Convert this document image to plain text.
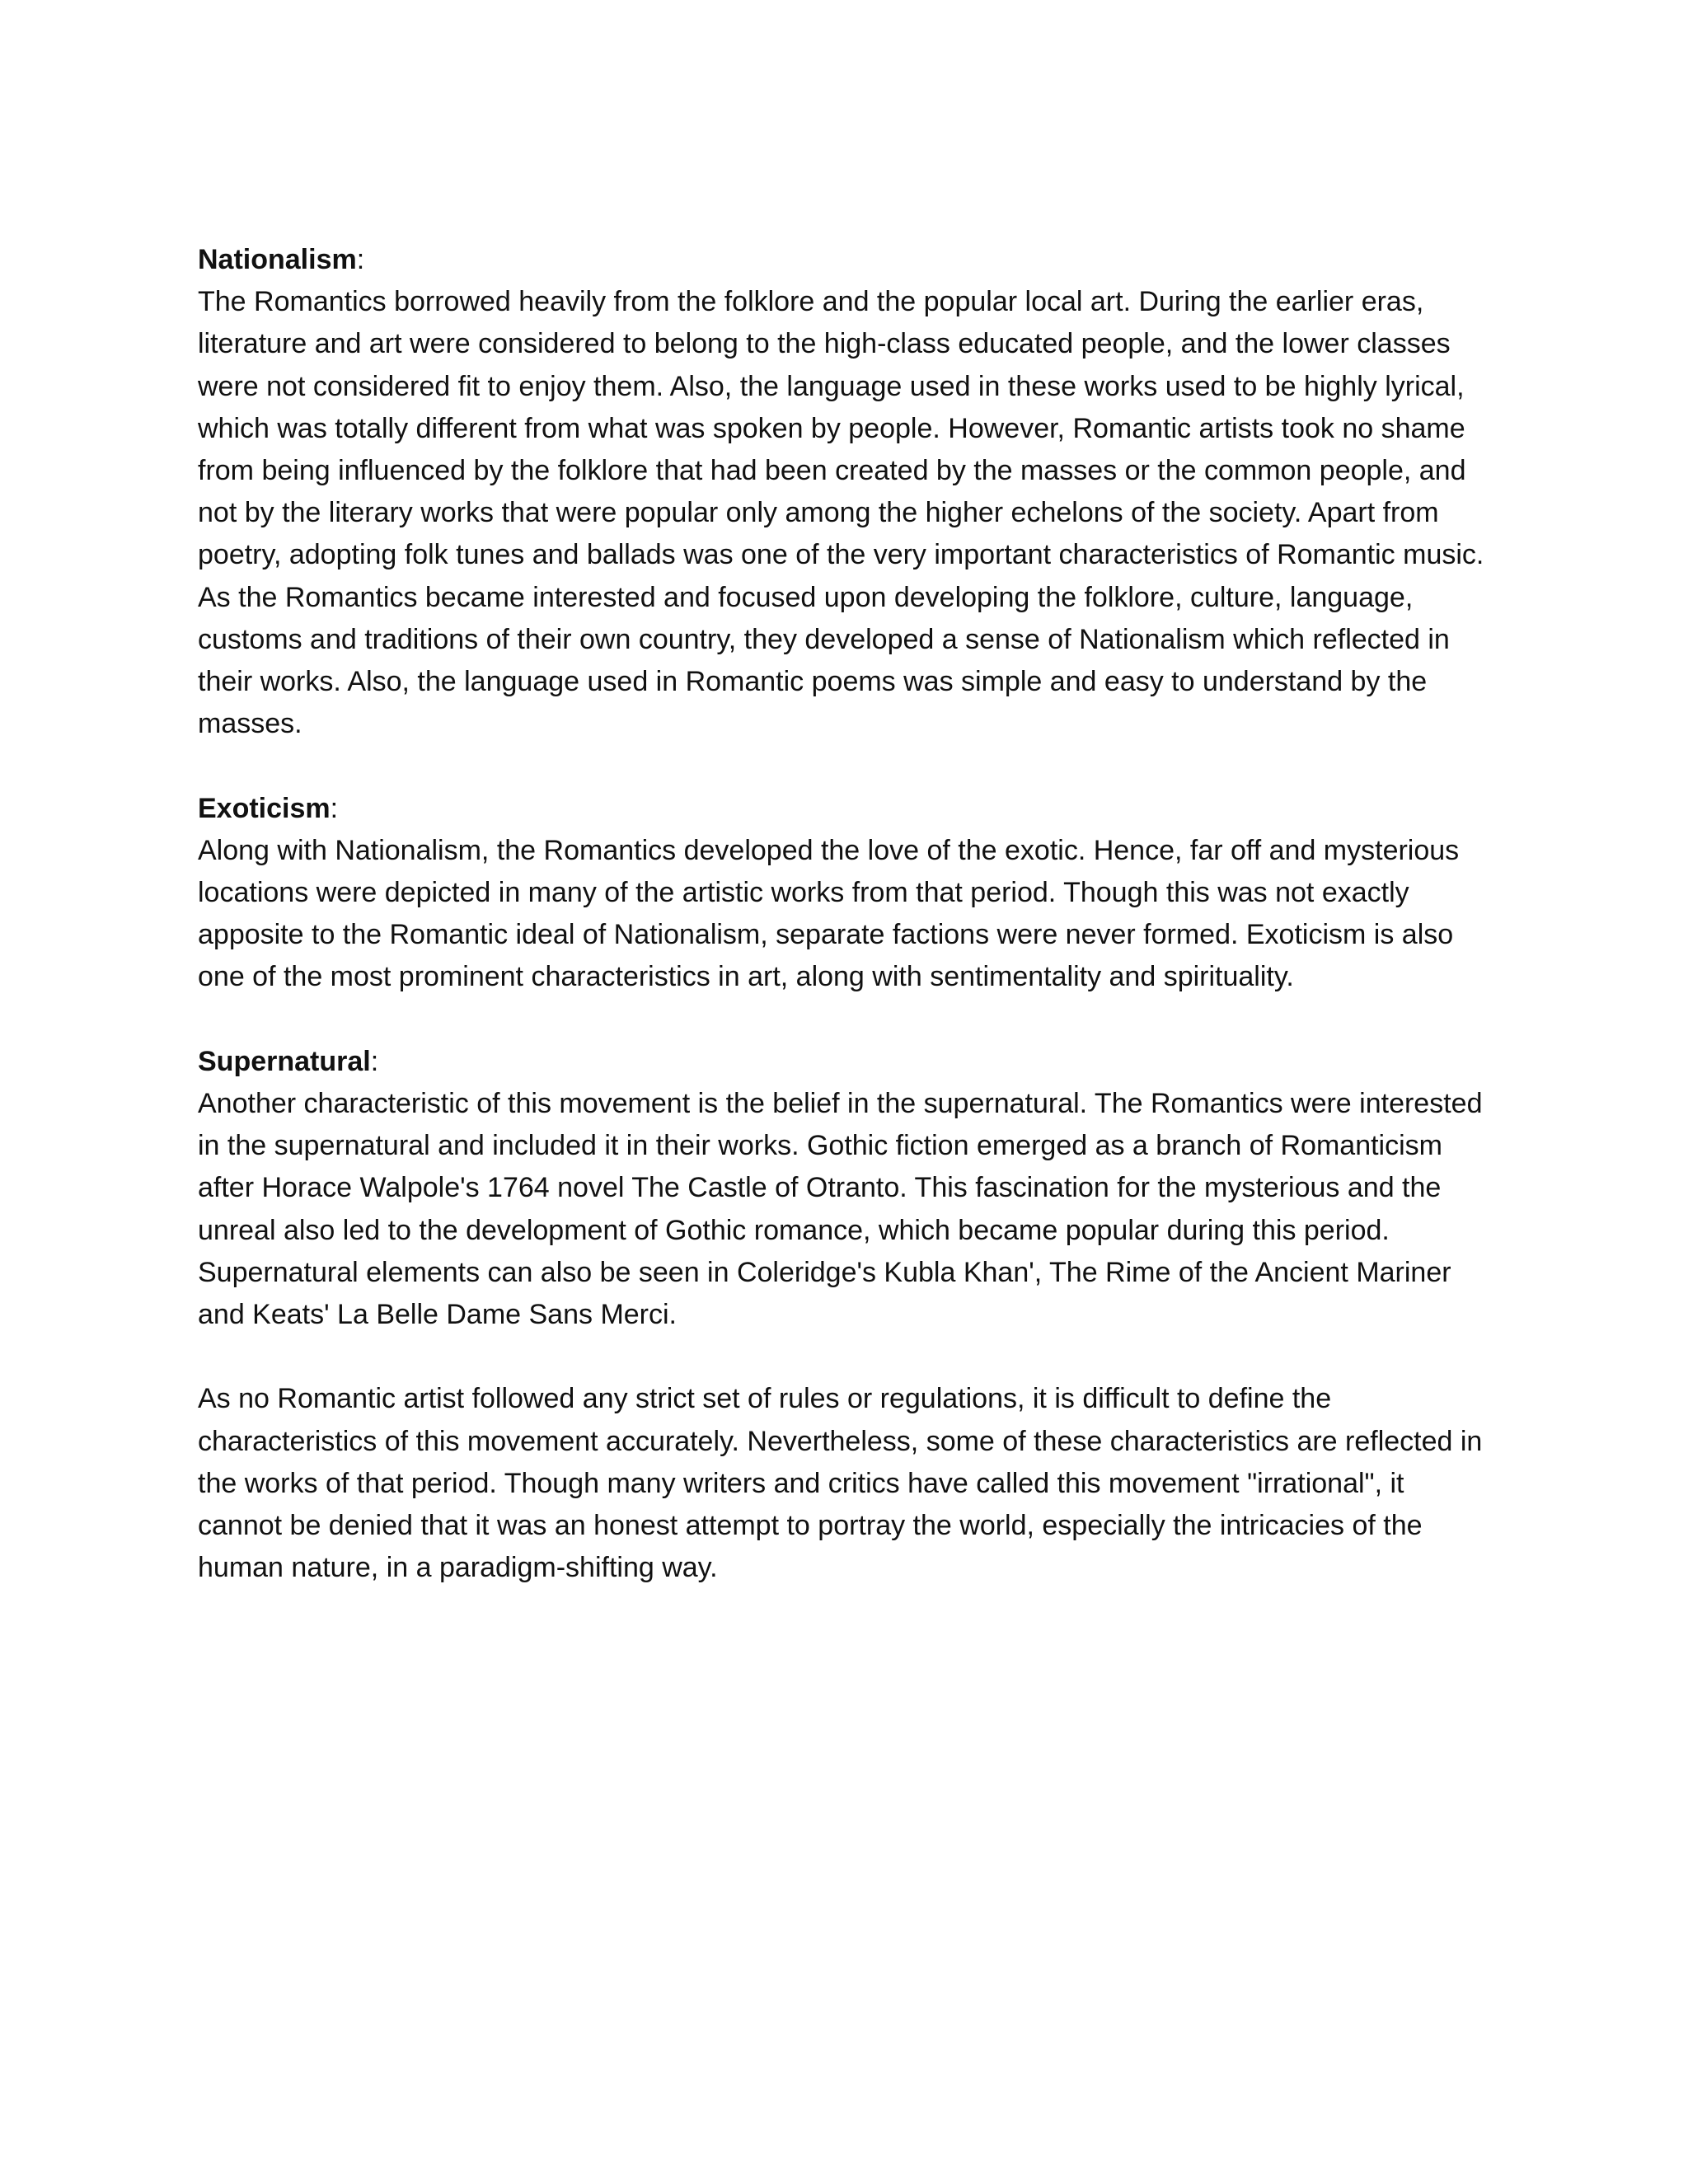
Nationalism:

The Romantics borrowed heavily from the folklore and the popular local art. During the earlier eras, literature and art were considered to belong to the high-class educated people, and the lower classes were not considered fit to enjoy them. Also, the language used in these works used to be highly lyrical, which was totally different from what was spoken by people. However, Romantic artists took no shame from being influenced by the folklore that had been created by the masses or the common people, and not by the literary works that were popular only among the higher echelons of the society. Apart from poetry, adopting folk tunes and ballads was one of the very important characteristics of Romantic music. As the Romantics became interested and focused upon developing the folklore, culture, language, customs and traditions of their own country, they developed a sense of Nationalism which reflected in their works. Also, the language used in Romantic poems was simple and easy to understand by the masses.

Exoticism:

Along with Nationalism, the Romantics developed the love of the exotic. Hence, far off and mysterious locations were depicted in many of the artistic works from that period. Though this was not exactly apposite to the Romantic ideal of Nationalism, separate factions were never formed. Exoticism is also one of the most prominent characteristics in art, along with sentimentality and spirituality.

Supernatural:

Another characteristic of this movement is the belief in the supernatural. The Romantics were interested in the supernatural and included it in their works. Gothic fiction emerged as a branch of Romanticism after Horace Walpole's 1764 novel The Castle of Otranto. This fascination for the mysterious and the unreal also led to the development of Gothic romance, which became popular during this period. Supernatural elements can also be seen in Coleridge's Kubla Khan', The Rime of the Ancient Mariner and Keats' La Belle Dame Sans Merci.

As no Romantic artist followed any strict set of rules or regulations, it is difficult to define the characteristics of this movement accurately. Nevertheless, some of these characteristics are reflected in the works of that period. Though many writers and critics have called this movement "irrational", it cannot be denied that it was an honest attempt to portray the world, especially the intricacies of the human nature, in a paradigm-shifting way.
